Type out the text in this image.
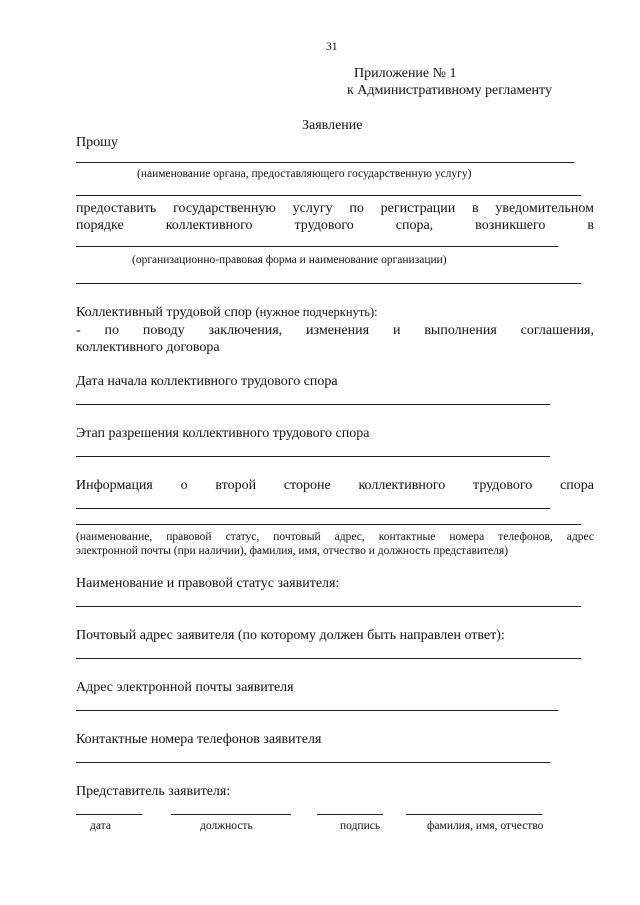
31
Приложение № 1
к Административному регламенту
Заявление
Прошу
(наименование органа, предоставляющего государственную услугу)
предоставить государственную услугу по регистрации в уведомительном
порядке коллективного трудового спора, возникшего в
(организационно-правовая форма и наименование организации)
Коллективный трудовой спор (нужное подчеркнуть):
- по поводу заключения, изменения и выполнения соглашения,
коллективного договора
Дата начала коллективного трудового спора
Этап разрешения коллективного трудового спора
Информация о второй стороне коллективного трудового спора
(наименование, правовой статус, почтовый адрес, контактные номера телефонов, адрес
электронной почты (при наличии), фамилия, имя, отчество и должность представителя)
Наименование и правовой статус заявителя:
Почтовый адрес заявителя (по которому должен быть направлен ответ):
Адрес электронной почты заявителя
Контактные номера телефонов заявителя
Представитель заявителя:
дата	должность	подпись	фамилия, имя, отчество
